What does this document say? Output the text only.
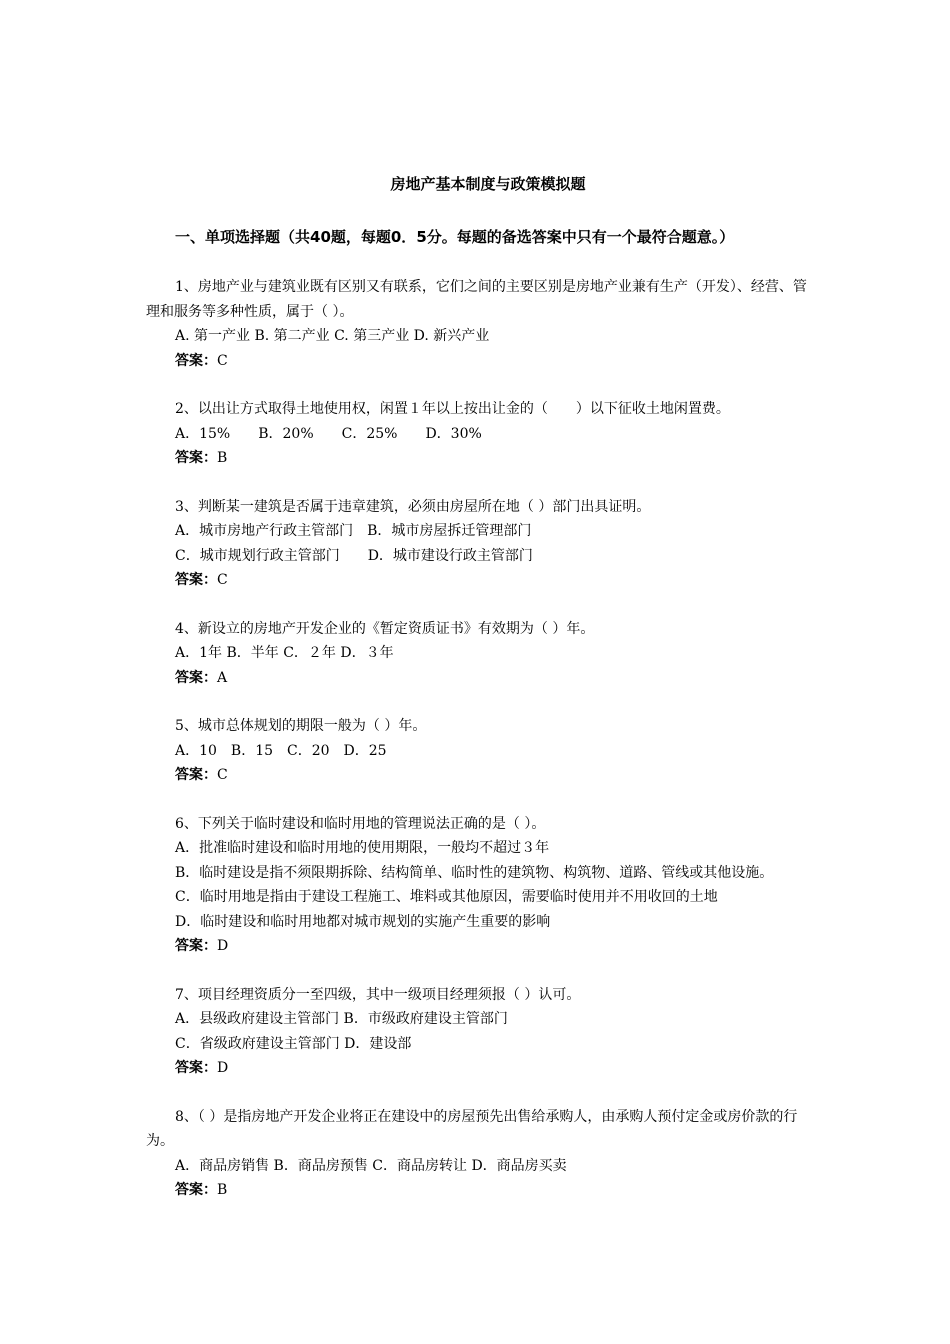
房地产基本制度与政策模拟题
一、单项选择题（共40题，每题0．5分。每题的备选答案中只有一个最符合题意。）
1、房地产业与建筑业既有区别又有联系，它们之间的主要区别是房地产业兼有生产（开发）、经营、管理和服务等多种性质，属于（ ）。
A. 第一产业 B. 第二产业 C. 第三产业 D. 新兴产业
答案：C
2、以出让方式取得土地使用权，闲置１年以上按出让金的（　　）以下征收土地闲置费。
A．15%　　B．20%　　C．25%　　D．30%
答案：B
3、判断某一建筑是否属于违章建筑，必须由房屋所在地（ ）部门出具证明。
A．城市房地产行政主管部门　B．城市房屋拆迁管理部门
C．城市规划行政主管部门　　D．城市建设行政主管部门
答案：C
4、新设立的房地产开发企业的《暂定资质证书》有效期为（ ）年。
A．1年 B．半年 C．２年 D．３年
答案：A
5、城市总体规划的期限一般为（ ）年。
A．10　B．15　C．20　D．25
答案：C
6、下列关于临时建设和临时用地的管理说法正确的是（ ）。
A．批准临时建设和临时用地的使用期限，一般均不超过３年
B．临时建设是指不须限期拆除、结构简单、临时性的建筑物、构筑物、道路、管线或其他设施。
C．临时用地是指由于建设工程施工、堆料或其他原因，需要临时使用并不用收回的土地
D．临时建设和临时用地都对城市规划的实施产生重要的影响
答案：D
7、项目经理资质分一至四级，其中一级项目经理须报（ ）认可。
A．县级政府建设主管部门 B．市级政府建设主管部门
C．省级政府建设主管部门 D．建设部
答案：D
8、（ ）是指房地产开发企业将正在建设中的房屋预先出售给承购人，由承购人预付定金或房价款的行为。
A．商品房销售 B．商品房预售 C．商品房转让 D．商品房买卖
答案：B
